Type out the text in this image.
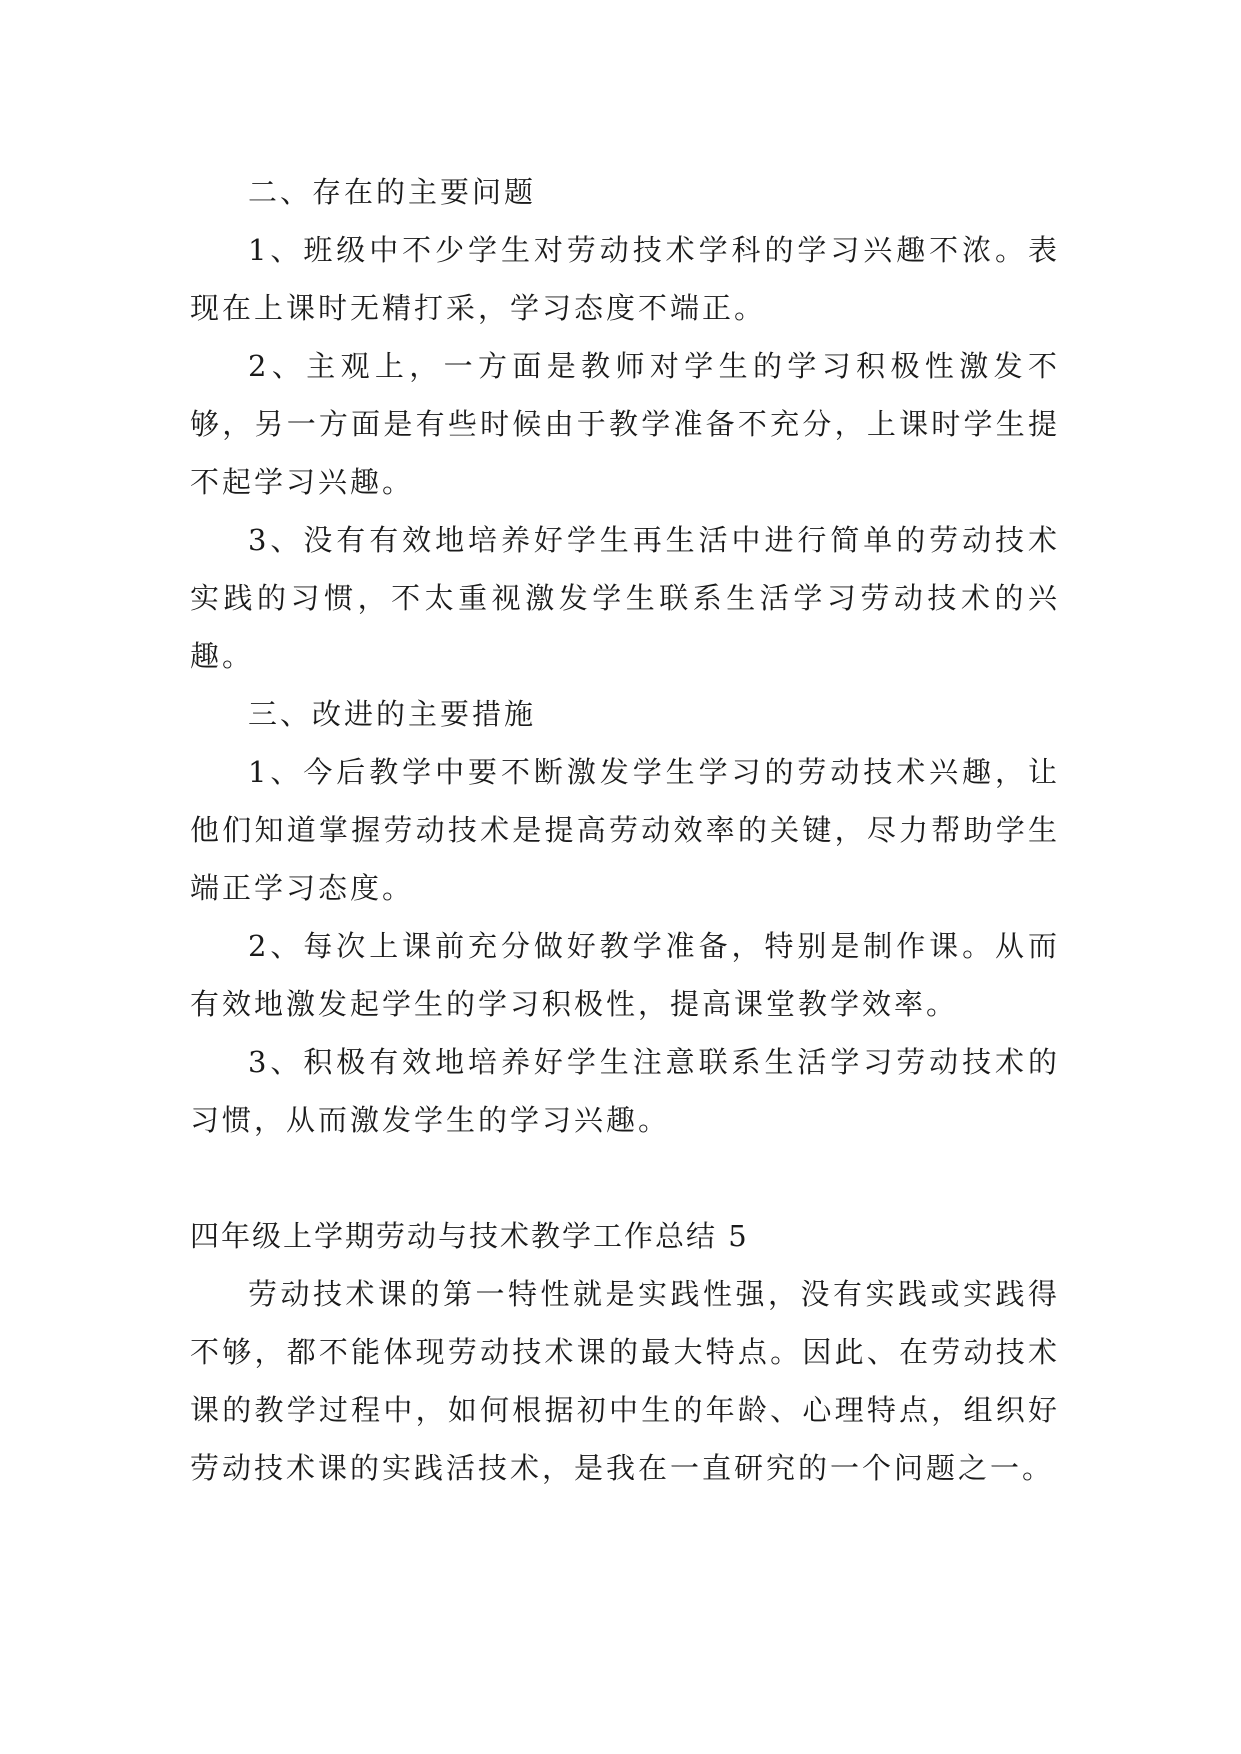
二、存在的主要问题

1、班级中不少学生对劳动技术学科的学习兴趣不浓。表现在上课时无精打采，学习态度不端正。

2、主观上，一方面是教师对学生的学习积极性激发不够，另一方面是有些时候由于教学准备不充分，上课时学生提不起学习兴趣。

3、没有有效地培养好学生再生活中进行简单的劳动技术实践的习惯，不太重视激发学生联系生活学习劳动技术的兴趣。

三、改进的主要措施

1、今后教学中要不断激发学生学习的劳动技术兴趣，让他们知道掌握劳动技术是提高劳动效率的关键，尽力帮助学生端正学习态度。

2、每次上课前充分做好教学准备，特别是制作课。从而有效地激发起学生的学习积极性，提高课堂教学效率。

3、积极有效地培养好学生注意联系生活学习劳动技术的习惯，从而激发学生的学习兴趣。

四年级上学期劳动与技术教学工作总结 5

劳动技术课的第一特性就是实践性强，没有实践或实践得不够，都不能体现劳动技术课的最大特点。因此、在劳动技术课的教学过程中，如何根据初中生的年龄、心理特点，组织好劳动技术课的实践活技术，是我在一直研究的一个问题之一。
